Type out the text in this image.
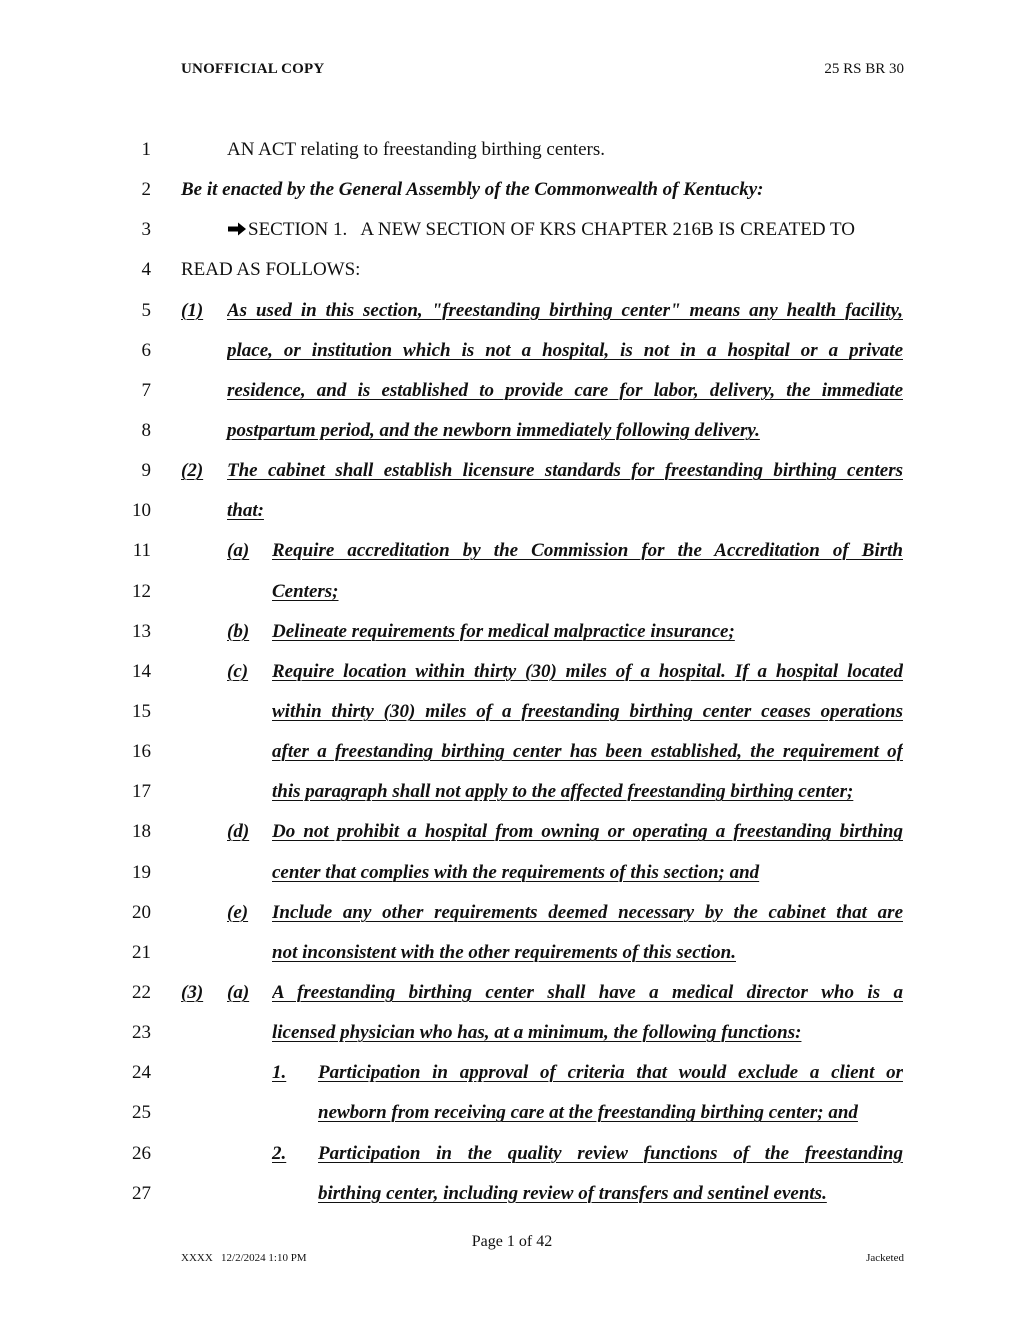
UNOFFICIAL COPY	25 RS BR 30
1	AN ACT relating to freestanding birthing centers.
2 Be it enacted by the General Assembly of the Commonwealth of Kentucky:
3	SECTION 1.   A NEW SECTION OF KRS CHAPTER 216B IS CREATED TO
4 READ AS FOLLOWS:
5 (1) As used in this section, "freestanding birthing center" means any health facility,
6	place, or institution which is not a hospital, is not in a hospital or a private
7	residence, and is established to provide care for labor, delivery, the immediate
8	postpartum period, and the newborn immediately following delivery.
9 (2) The cabinet shall establish licensure standards for freestanding birthing centers
10	that:
11	(a) Require accreditation by the Commission for the Accreditation of Birth
12	Centers;
13	(b) Delineate requirements for medical malpractice insurance;
14	(c) Require location within thirty (30) miles of a hospital. If a hospital located
15	within thirty (30) miles of a freestanding birthing center ceases operations
16	after a freestanding birthing center has been established, the requirement of
17	this paragraph shall not apply to the affected freestanding birthing center;
18	(d) Do not prohibit a hospital from owning or operating a freestanding birthing
19	center that complies with the requirements of this section; and
20	(e) Include any other requirements deemed necessary by the cabinet that are
21	not inconsistent with the other requirements of this section.
22 (3) (a) A freestanding birthing center shall have a medical director who is a
23	licensed physician who has, at a minimum, the following functions:
24	1. Participation in approval of criteria that would exclude a client or
25	newborn from receiving care at the freestanding birthing center; and
26	2. Participation in the quality review functions of the freestanding
27	birthing center, including review of transfers and sentinel events.
Page 1 of 42
XXXX   12/2/2024 1:10 PM	Jacketed
